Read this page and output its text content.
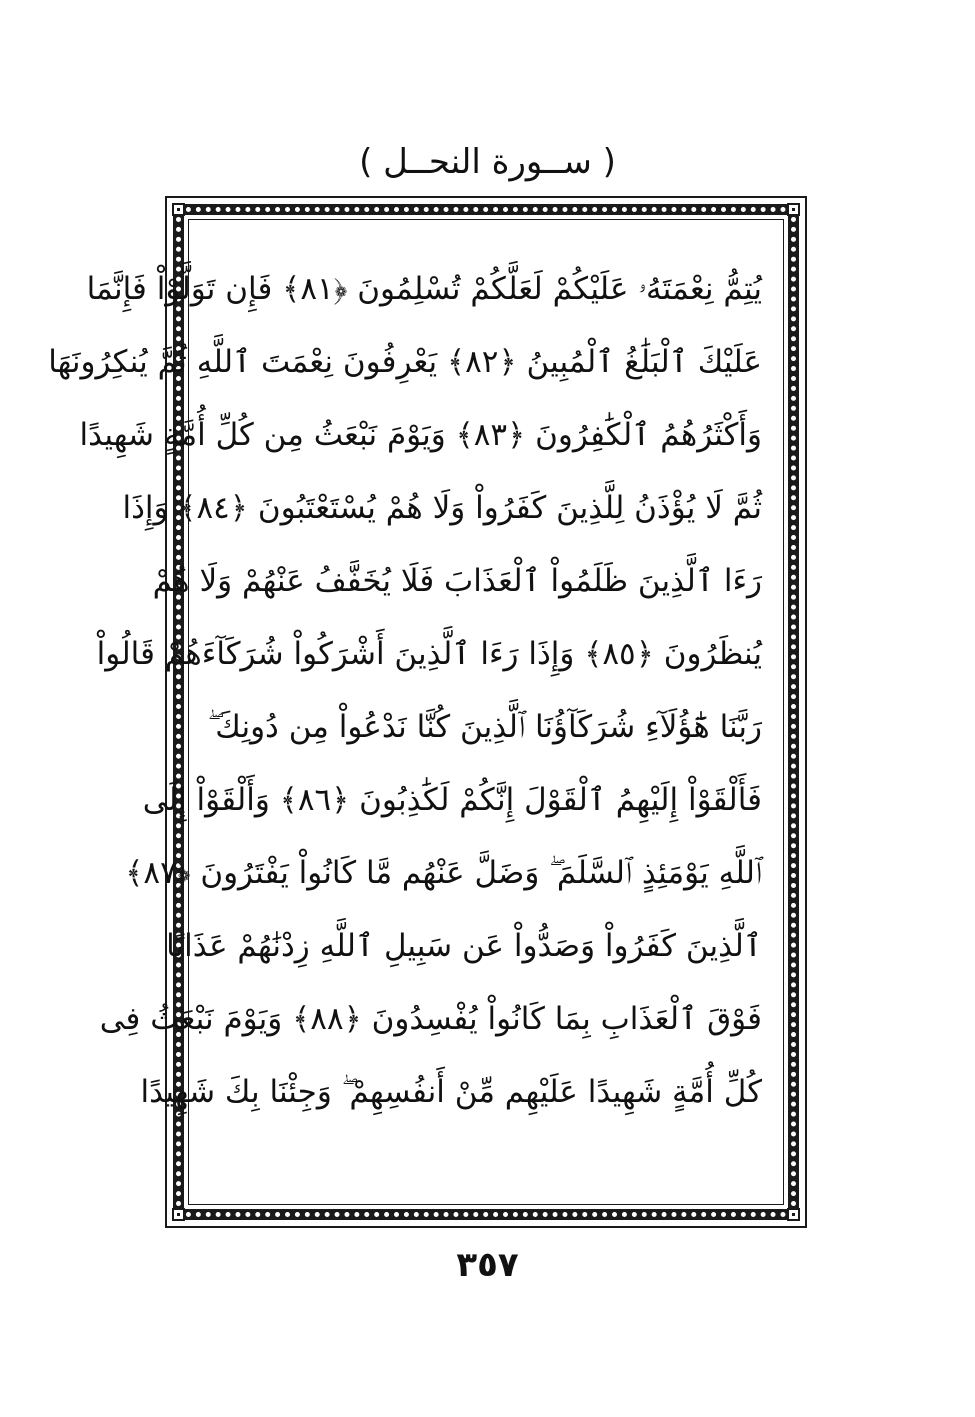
( ســورة النحــل )
يُتِمُّ نِعْمَتَهُۥ عَلَيْكُمْ لَعَلَّكُمْ تُسْلِمُونَ ﴿٨١﴾ فَإِن تَوَلَّوْاْ فَإِنَّمَا
عَلَيْكَ ٱلْبَلَٰغُ ٱلْمُبِينُ ﴿٨٢﴾ يَعْرِفُونَ نِعْمَتَ ٱللَّهِ ثُمَّ يُنكِرُونَهَا
وَأَكْثَرُهُمُ ٱلْكَٰفِرُونَ ﴿٨٣﴾ وَيَوْمَ نَبْعَثُ مِن كُلِّ أُمَّةٍ شَهِيدًا
ثُمَّ لَا يُؤْذَنُ لِلَّذِينَ كَفَرُواْ وَلَا هُمْ يُسْتَعْتَبُونَ ﴿٨٤﴾ وَإِذَا
رَءَا ٱلَّذِينَ ظَلَمُواْ ٱلْعَذَابَ فَلَا يُخَفَّفُ عَنْهُمْ وَلَا هُمْ
يُنظَرُونَ ﴿٨٥﴾ وَإِذَا رَءَا ٱلَّذِينَ أَشْرَكُواْ شُرَكَآءَهُمْ قَالُواْ
رَبَّنَا هَٰٓؤُلَآءِ شُرَكَآؤُنَا ٱلَّذِينَ كُنَّا نَدْعُواْ مِن دُونِكَ ۖ
فَأَلْقَوْاْ إِلَيْهِمُ ٱلْقَوْلَ إِنَّكُمْ لَكَٰذِبُونَ ﴿٨٦﴾ وَأَلْقَوْاْ إِلَى
ٱللَّهِ يَوْمَئِذٍ ٱلسَّلَمَ ۖ وَضَلَّ عَنْهُم مَّا كَانُواْ يَفْتَرُونَ ﴿٨٧﴾
ٱلَّذِينَ كَفَرُواْ وَصَدُّواْ عَن سَبِيلِ ٱللَّهِ زِدْنَٰهُمْ عَذَابًا
فَوْقَ ٱلْعَذَابِ بِمَا كَانُواْ يُفْسِدُونَ ﴿٨٨﴾ وَيَوْمَ نَبْعَثُ فِى
كُلِّ أُمَّةٍ شَهِيدًا عَلَيْهِم مِّنْ أَنفُسِهِمْ ۖ وَجِئْنَا بِكَ شَهِيدًا
٣٥٧
